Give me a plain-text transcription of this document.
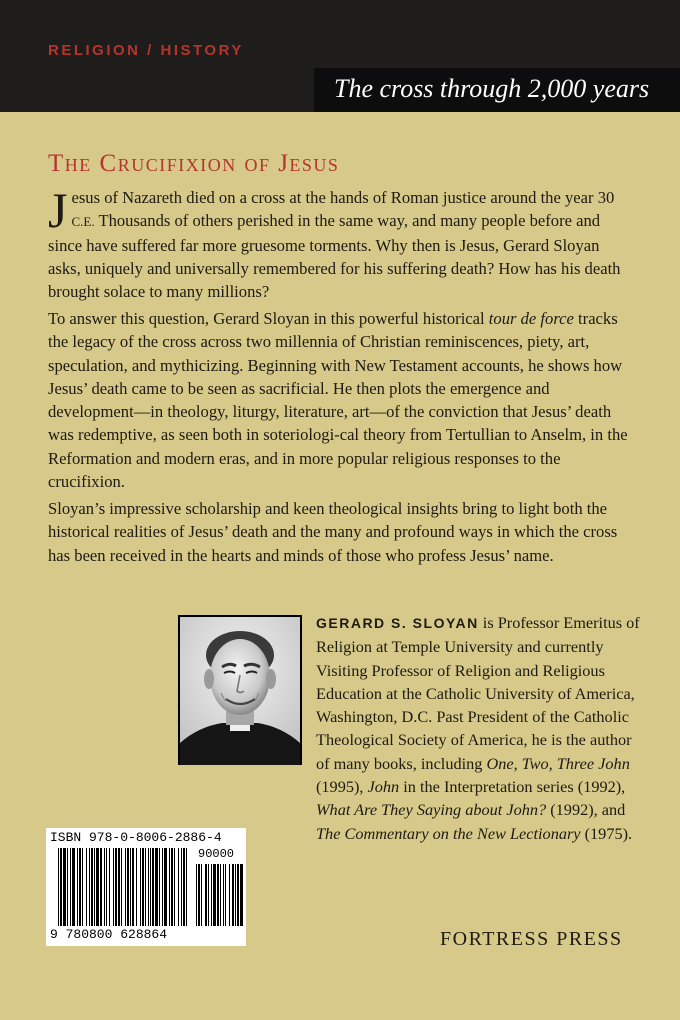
RELIGION / HISTORY
The cross through 2,000 years
The Crucifixion of Jesus
Jesus of Nazareth died on a cross at the hands of Roman justice around the year 30 C.E. Thousands of others perished in the same way, and many people before and since have suffered far more gruesome torments. Why then is Jesus, Gerard Sloyan asks, uniquely and universally remembered for his suffering death? How has his death brought solace to many millions?
To answer this question, Gerard Sloyan in this powerful historical tour de force tracks the legacy of the cross across two millennia of Christian reminiscences, piety, art, speculation, and mythicizing. Beginning with New Testament accounts, he shows how Jesus’ death came to be seen as sacrificial. He then plots the emergence and development—in theology, liturgy, literature, art—of the conviction that Jesus’ death was redemptive, as seen both in soteriologi-cal theory from Tertullian to Anselm, in the Reformation and modern eras, and in more popular religious responses to the crucifixion.
Sloyan’s impressive scholarship and keen theological insights bring to light both the historical realities of Jesus’ death and the many and profound ways in which the cross has been received in the hearts and minds of those who profess Jesus’ name.
GERARD S. SLOYAN is Professor Emeritus of Religion at Temple University and currently Visiting Professor of Religion and Religious Education at the Catholic University of America, Washington, D.C. Past President of the Catholic Theological Society of America, he is the author of many books, including One, Two, Three John (1995), John in the Interpretation series (1992), What Are They Saying about John? (1992), and The Commentary on the New Lectionary (1975).
ISBN 978-0-8006-2886-4
90000
9 780800 628864	FORTRESS PRESS
